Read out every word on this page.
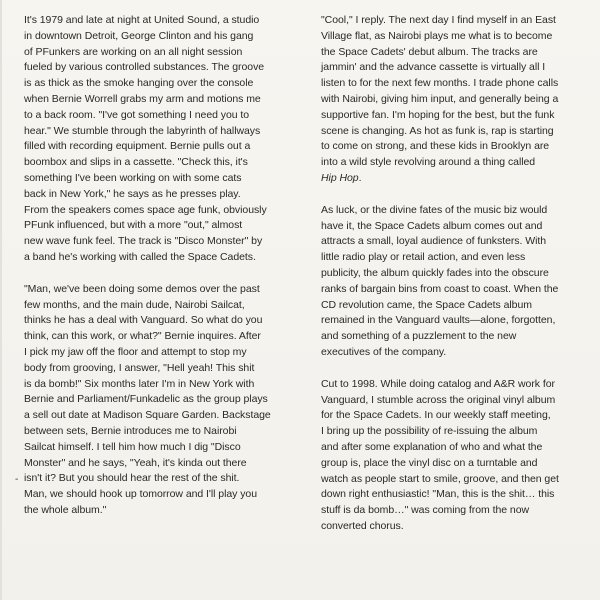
It's 1979 and late at night at United Sound, a studio
in downtown Detroit, George Clinton and his gang
of PFunkers are working on an all night session
fueled by various controlled substances. The groove
is as thick as the smoke hanging over the console
when Bernie Worrell grabs my arm and motions me
to a back room. "I've got something I need you to
hear." We stumble through the labyrinth of hallways
filled with recording equipment. Bernie pulls out a
boombox and slips in a cassette. "Check this, it's
something I've been working on with some cats
back in New York," he says as he presses play.
From the speakers comes space age funk, obviously
PFunk influenced, but with a more "out," almost
new wave funk feel. The track is "Disco Monster" by
a band he's working with called the Space Cadets.

"Man, we've been doing some demos over the past
few months, and the main dude, Nairobi Sailcat,
thinks he has a deal with Vanguard. So what do you
think, can this work, or what?" Bernie inquires. After
I pick my jaw off the floor and attempt to stop my
body from grooving, I answer, "Hell yeah! This shit
is da bomb!" Six months later I'm in New York with
Bernie and Parliament/Funkadelic as the group plays
a sell out date at Madison Square Garden. Backstage
between sets, Bernie introduces me to Nairobi
Sailcat himself. I tell him how much I dig "Disco
Monster" and he says, "Yeah, it's kinda out there
isn't it? But you should hear the rest of the shit.
Man, we should hook up tomorrow and I'll play you
the whole album."

-

"Cool," I reply. The next day I find myself in an East
Village flat, as Nairobi plays me what is to become
the Space Cadets' debut album. The tracks are
jammin' and the advance cassette is virtually all I
listen to for the next few months. I trade phone calls
with Nairobi, giving him input, and generally being a
supportive fan. I'm hoping for the best, but the funk
scene is changing. As hot as funk is, rap is starting
to come on strong, and these kids in Brooklyn are
into a wild style revolving around a thing called
Hip Hop.

As luck, or the divine fates of the music biz would
have it, the Space Cadets album comes out and
attracts a small, loyal audience of funksters. With
little radio play or retail action, and even less
publicity, the album quickly fades into the obscure
ranks of bargain bins from coast to coast. When the
CD revolution came, the Space Cadets album
remained in the Vanguard vaults—alone, forgotten,
and something of a puzzlement to the new
executives of the company.

Cut to 1998. While doing catalog and A&R work for
Vanguard, I stumble across the original vinyl album
for the Space Cadets. In our weekly staff meeting,
I bring up the possibility of re-issuing the album
and after some explanation of who and what the
group is, place the vinyl disc on a turntable and
watch as people start to smile, groove, and then get
down right enthusiastic! "Man, this is the shit… this
stuff is da bomb…" was coming from the now
converted chorus.
